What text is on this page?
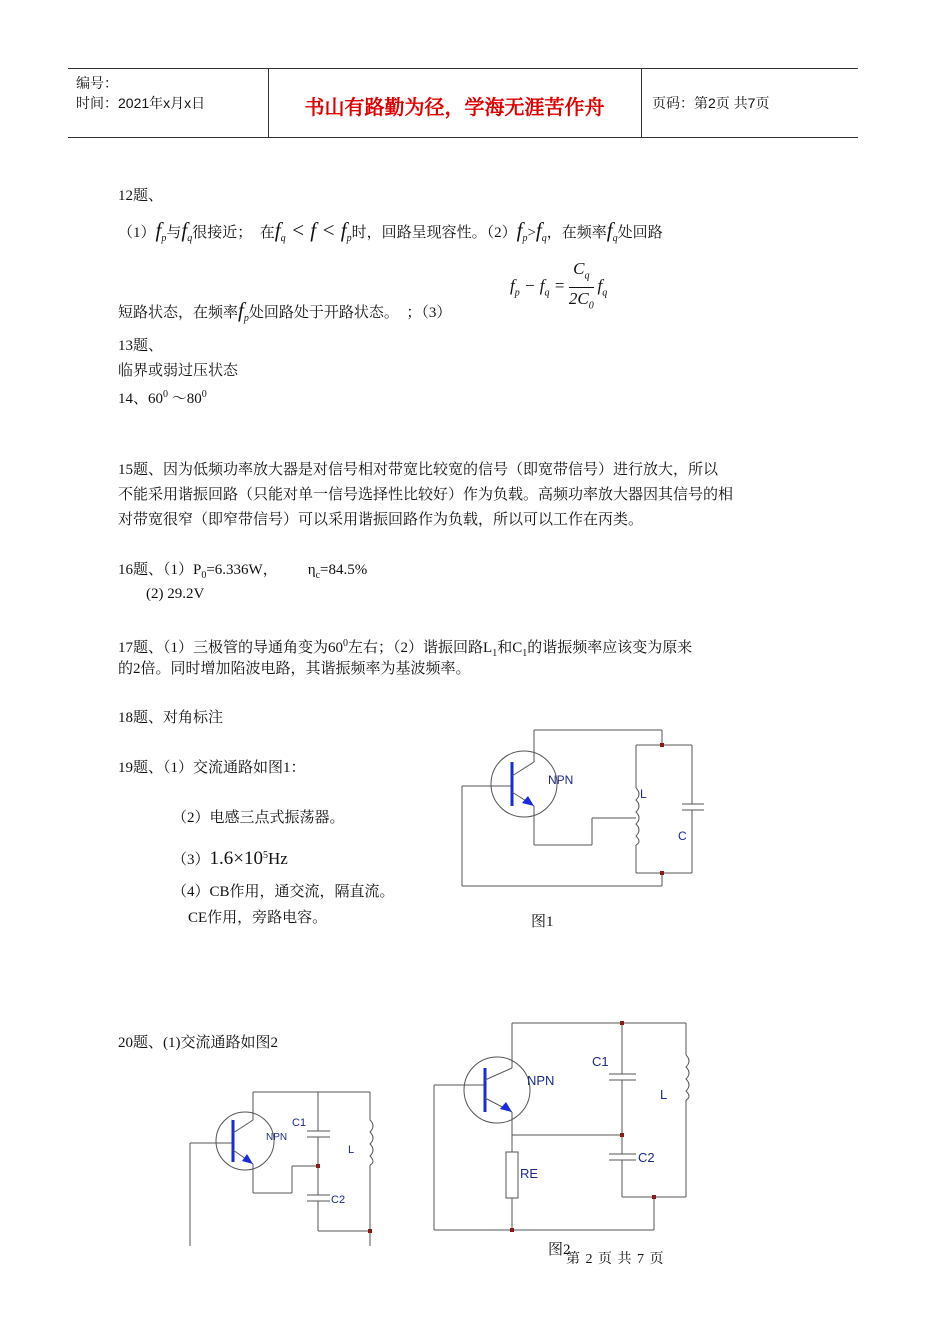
编号：
时间：2021年x月x日	书山有路勤为径，学海无涯苦作舟	页码：第2页 共7页
12题、
$(1)f_p$与$f_q$很接近；　在$f_q < f < f_p$时，回路呈现容性。$(2)f_p>f_q$，在频率$f_q$处回路
短路状态，在频率$f_p$处回路处于开路状态。　；（3）
$f_p - f_q = \frac{C_q}{2C_0} f_q$
13题、
临界或弱过压状态
14、$60^0$ $\sim 80^0$
15题、因为低频功率放大器是对信号相对带宽比较宽的信号（即宽带信号）进行放大，所以
不能采用谐振回路（只能对单一信号选择性比较好）作为负载。高频功率放大器因其信号的相
对带宽很窄（即窄带信号）可以采用谐振回路作为负载，所以可以工作在丙类。
16题、$(1)P_0=6.336W$， $\eta_c=84.5\%$
(2) 29.2V
17题、（1）三极管的导通角变为$60^0$左右；（2）谐振回路$L_1$和$C_1$的谐振频率应该变为原来
的2倍。同时增加陷波电路，其谐振频率为基波频率。
18题、对角标注
19题、（1）交流通路如图1：
（2）电感三点式振荡器。
$(3)1.6\times 10^5Hz$
（4）CB作用，通交流，隔直流。
CE作用，旁路电容。	图1
20题、(1)交流通路如图2
图2
NPN
L
C
NPN
C1
L
C2
NPN
C1
L
C2
RE
第 2 页 共 7 页
